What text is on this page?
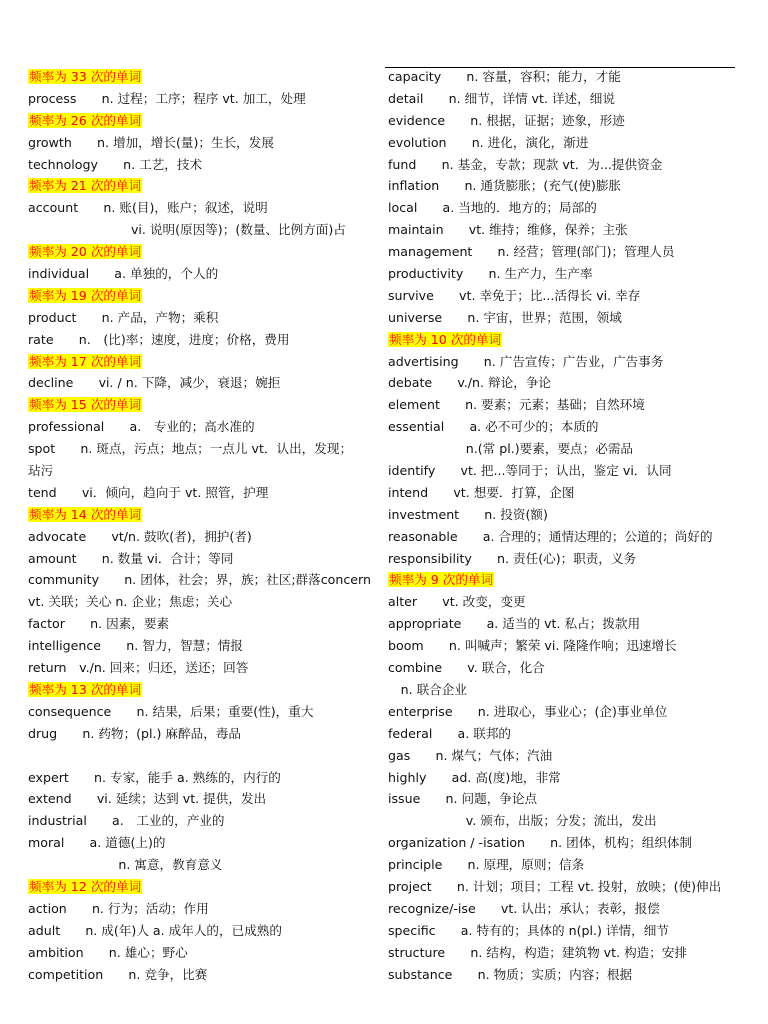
频率为 33 次的单词
process　　n. 过程；工序；程序 vt. 加工，处理
频率为 26 次的单词
growth　　n. 增加，增长(量)；生长，发展
technology　　n. 工艺，技术
频率为 21 次的单词
account　　n. 账(目)，账户；叙述，说明
　　　　　vi. 说明(原因等)；(数量、比例方面)占
频率为 20 次的单词
individual　　a. 单独的，个人的
频率为 19 次的单词
product　　n. 产品，产物；乘积
rate　　n.　(比)率；速度，进度；价格，费用
频率为 17 次的单词
decline　　vi. / n. 下降，减少，衰退；婉拒
频率为 15 次的单词
professional　　a.　专业的；高水准的
spot　　n. 斑点，污点；地点；一点儿 vt．认出，发现；
玷污
tend　　vi．倾向，趋向于 vt. 照管，护理
频率为 14 次的单词
advocate　　vt/n. 鼓吹(者)，拥护(者)
amount　　n. 数量 vi．合计；等同
community　　n. 团体，社会；界，族；社区;群落concern
vt. 关联；关心 n. 企业；焦虑；关心
factor　　n. 因素，要素
intelligence　　n. 智力，智慧；情报
return　v./n. 回来；归还，送还；回答
频率为 13 次的单词
consequence　　n. 结果，后果；重要(性)，重大
drug　　n. 药物；(pl.) 麻醉品，毒品
expert　　n. 专家，能手 a. 熟练的，内行的
extend　　vi. 延续；达到 vt. 提供，发出
industrial　　a.　工业的，产业的
moral　　a. 道德(上)的
　　　　n. 寓意，教育意义
频率为 12 次的单词
action　　n. 行为；活动；作用
adult　　n. 成(年)人 a. 成年人的，已成熟的
ambition　　n. 雄心；野心
competition　　n. 竞争，比赛
capacity　　n. 容量，容积；能力，才能
detail　　n. 细节，详情 vt. 详述，细说
evidence　　n. 根据，证据；迹象，形迹
evolution　　n. 进化，演化，渐进
fund　　n. 基金，专款；现款 vt．为...提供资金
inflation　　n. 通货膨胀；(充气(使)膨胀
local　　a. 当地的．地方的；局部的
maintain　　vt. 维持；维修，保养；主张
management　　n. 经营；管理(部门)；管理人员
productivity　　n. 生产力，生产率
survive　　vt. 幸免于；比...活得长 vi. 幸存
universe　　n. 宇宙，世界；范围，领域
频率为 10 次的单词
advertising　　n. 广告宣传；广告业，广告事务
debate　　v./n. 辩论，争论
element　　n. 要素；元素；基础；自然环境
essential　　a. 必不可少的；本质的
　　　n.(常 pl.)要素，要点；必需品
identify　　vt. 把...等同于；认出，鉴定 vi．认同
intend　　vt. 想要．打算，企图
investment　　n. 投资(额)
reasonable　　a. 合理的；通情达理的；公道的；尚好的
responsibility　　n. 责任(心)；职责，义务
频率为 9 次的单词
alter　　vt. 改变，变更
appropriate　　a. 适当的 vt. 私占；拨款用
boom　　n. 叫喊声；繁荣 vi. 隆隆作响；迅速增长
combine　　v. 联合，化合
　n. 联合企业
enterprise　　n. 进取心，事业心；(企)事业单位
federal　　a. 联邦的
gas　　n. 煤气；气体；汽油
highly　　ad. 高(度)地，非常
issue　　n. 问题，争论点
　　　v. 颁布，出版；分发；流出，发出
organization / -isation　　n. 团体，机构；组织体制
principle　　n. 原理，原则；信条
project　　n. 计划；项目；工程 vt. 投射，放映；(使)伸出
recognize/-ise　　vt. 认出；承认；表彰，报偿
specific　　a. 特有的；具体的 n(pl.) 详情，细节
structure　　n. 结构，构造；建筑物 vt. 构造；安排
substance　　n. 物质；实质；内容；根据
